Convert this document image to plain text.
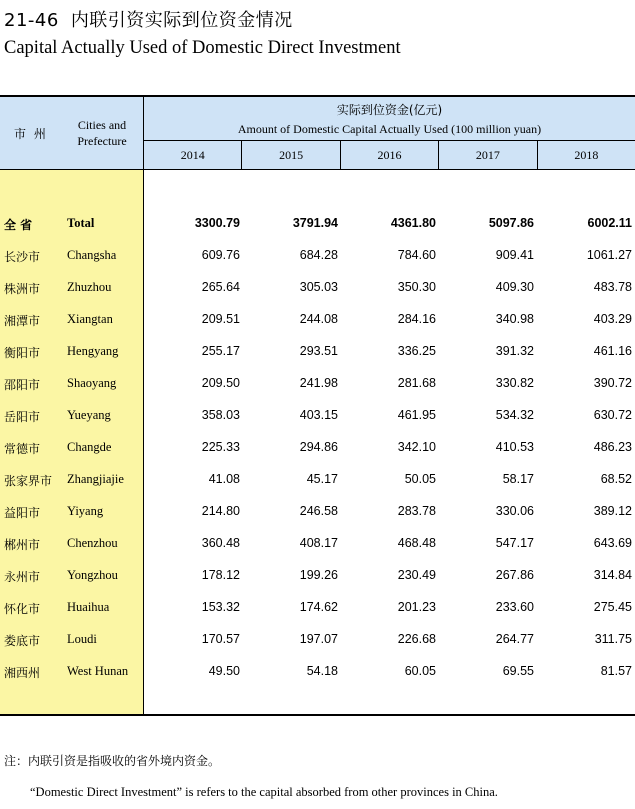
21-46 内联引资实际到位资金情况
Capital Actually Used of Domestic Direct Investment
市 州
Cities and Prefecture
实际到位资金(亿元)
Amount of Domestic Capital Actually Used (100 million yuan)
2014	2015	2016	2017	2018
全 省	Total	3300.79	3791.94	4361.80	5097.86	6002.11
长沙市 Changsha	609.76	684.28	784.60	909.41	1061.27
株洲市 Zhuzhou	265.64	305.03	350.30	409.30	483.78
湘潭市 Xiangtan	209.51	244.08	284.16	340.98	403.29
衡阳市 Hengyang	255.17	293.51	336.25	391.32	461.16
邵阳市 Shaoyang	209.50	241.98	281.68	330.82	390.72
岳阳市 Yueyang	358.03	403.15	461.95	534.32	630.72
常德市 Changde	225.33	294.86	342.10	410.53	486.23
张家界市 Zhangjiajie	41.08	45.17	50.05	58.17	68.52
益阳市 Yiyang	214.80	246.58	283.78	330.06	389.12
郴州市 Chenzhou	360.48	408.17	468.48	547.17	643.69
永州市 Yongzhou	178.12	199.26	230.49	267.86	314.84
怀化市 Huaihua	153.32	174.62	201.23	233.60	275.45
娄底市 Loudi	170.57	197.07	226.68	264.77	311.75
湘西州 West Hunan	49.50	54.18	60.05	69.55	81.57
注：内联引资是指吸收的省外境内资金。
“Domestic Direct Investment” is refers to the capital absorbed from other provinces in China.
